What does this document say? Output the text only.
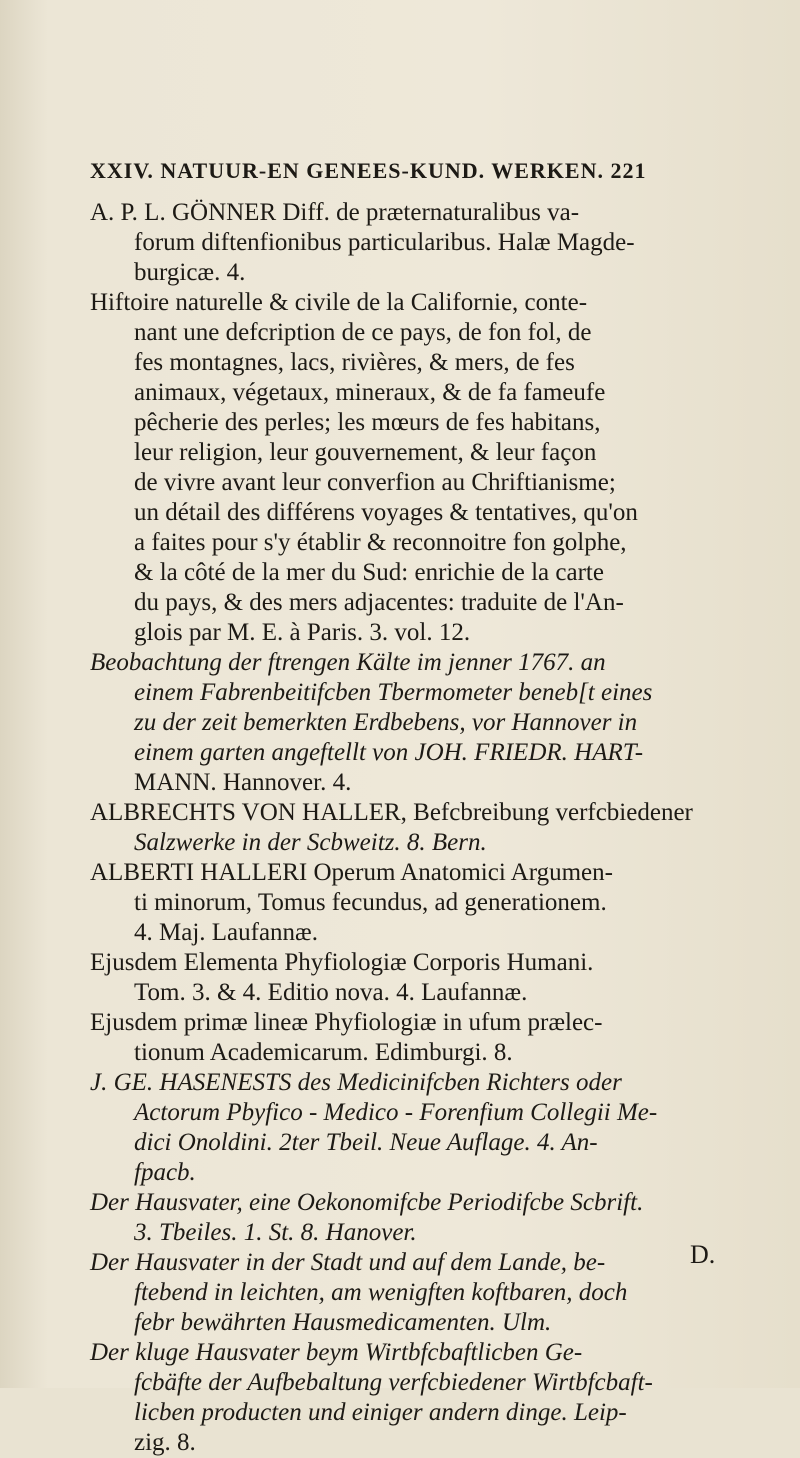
XXIV. NATUUR-EN GENEES-KUND. WERKEN. 221
A. P. L. GÖNNER Diff. de præternaturalibus va-
forum diftenfionibus particularibus. Halæ Magde-
burgicæ. 4.
Hiftoire naturelle & civile de la Californie, conte-
nant une defcription de ce pays, de fon fol, de
fes montagnes, lacs, rivières, & mers, de fes
animaux, végetaux, mineraux, & de fa fameufe
pêcherie des perles; les mœurs de fes habitans,
leur religion, leur gouvernement, & leur façon
de vivre avant leur converfion au Chriftianisme;
un détail des différens voyages & tentatives, qu'on
a faites pour s'y établir & reconnoitre fon golphe,
& la côté de la mer du Sud: enrichie de la carte
du pays, & des mers adjacentes: traduite de l'An-
glois par M. E. à Paris. 3. vol. 12.
Beobachtung der ftrengen Kälte im jenner 1767. an
einem Fabrenbeitifcben Tbermometer beneb[t eines
zu der zeit bemerkten Erdbebens, vor Hannover in
einem garten angeftellt von JOH. FRIEDR. HART-
MANN. Hannover. 4.
ALBRECHTS VON HALLER, Befcbreibung verfcbiedener
Salzwerke in der Scbweitz. 8. Bern.
ALBERTI HALLERI Operum Anatomici Argumen-
ti minorum, Tomus fecundus, ad generationem.
4. Maj. Laufannæ.
Ejusdem Elementa Phyfiologiæ Corporis Humani.
Tom. 3. & 4. Editio nova. 4. Laufannæ.
Ejusdem primæ lineæ Phyfiologiæ in ufum prælec-
tionum Academicarum. Edimburgi. 8.
J. GE. HASENESTS des Medicinifcben Richters oder
Actorum Pbyfico - Medico - Forenfium Collegii Me-
dici Onoldini. 2ter Tbeil. Neue Auflage. 4. An-
fpacb.
Der Hausvater, eine Oekonomifcbe Periodifcbe Scbrift.
3. Tbeiles. 1. St. 8. Hanover.
Der Hausvater in der Stadt und auf dem Lande, be-
ftebend in leichten, am wenigften koftbaren, doch
febr bewährten Hausmedicamenten. Ulm.
Der kluge Hausvater beym Wirtbfcbaftlicben Ge-
fcbäfte der Aufbebaltung verfcbiedener Wirtbfcbaft-
licben producten und einiger andern dinge. Leip-
zig. 8.
D.
